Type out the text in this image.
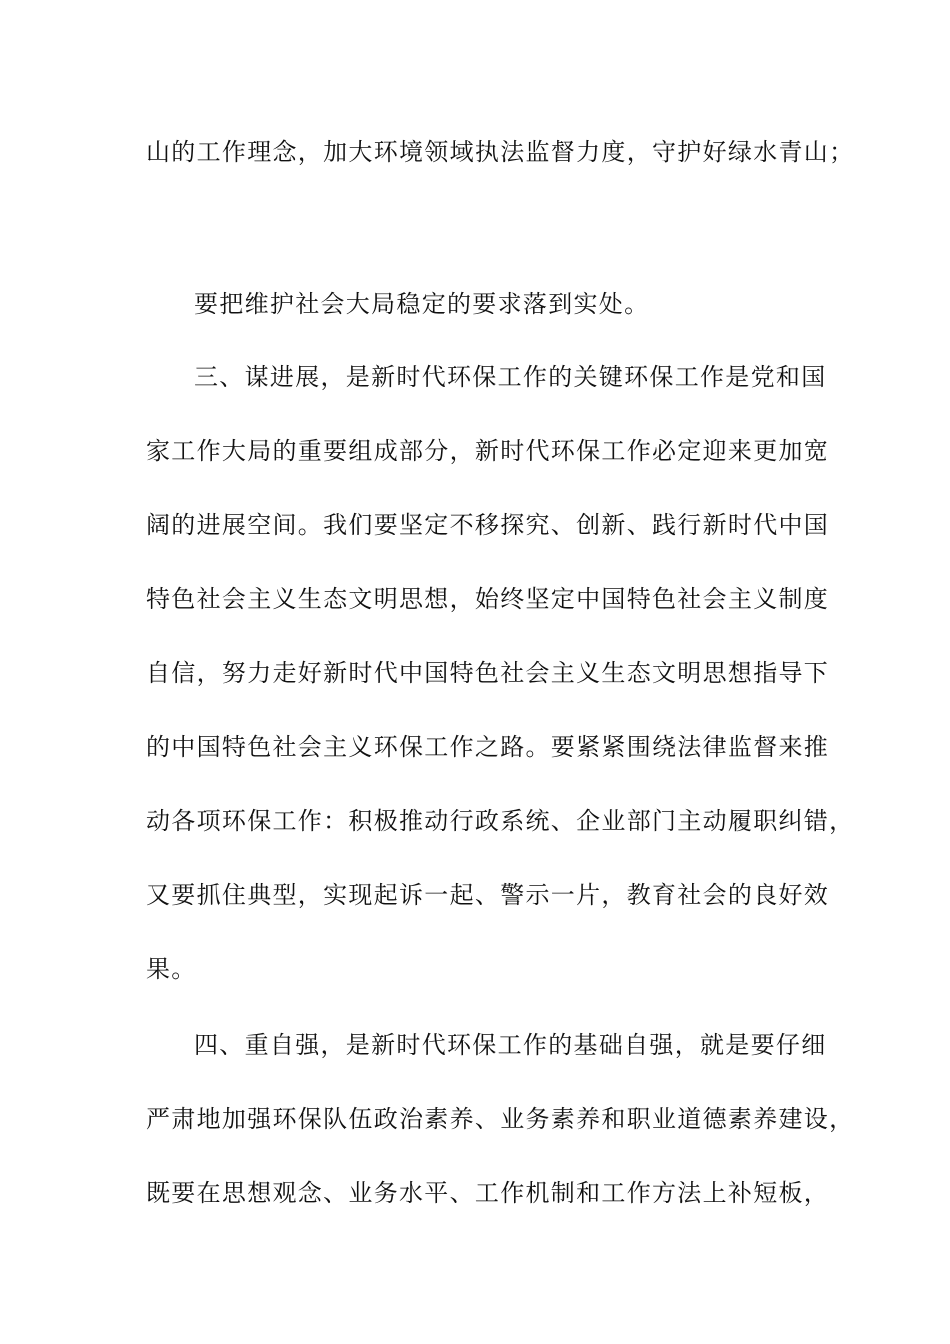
山的工作理念，加大环境领域执法监督力度，守护好绿水青山；
要把维护社会大局稳定的要求落到实处。
三、谋进展，是新时代环保工作的关键环保工作是党和国
家工作大局的重要组成部分，新时代环保工作必定迎来更加宽
阔的进展空间。我们要坚定不移探究、创新、践行新时代中国
特色社会主义生态文明思想，始终坚定中国特色社会主义制度
自信，努力走好新时代中国特色社会主义生态文明思想指导下
的中国特色社会主义环保工作之路。要紧紧围绕法律监督来推
动各项环保工作：积极推动行政系统、企业部门主动履职纠错，
又要抓住典型，实现起诉一起、警示一片，教育社会的良好效
果。
四、重自强，是新时代环保工作的基础自强，就是要仔细
严肃地加强环保队伍政治素养、业务素养和职业道德素养建设，
既要在思想观念、业务水平、工作机制和工作方法上补短板，
